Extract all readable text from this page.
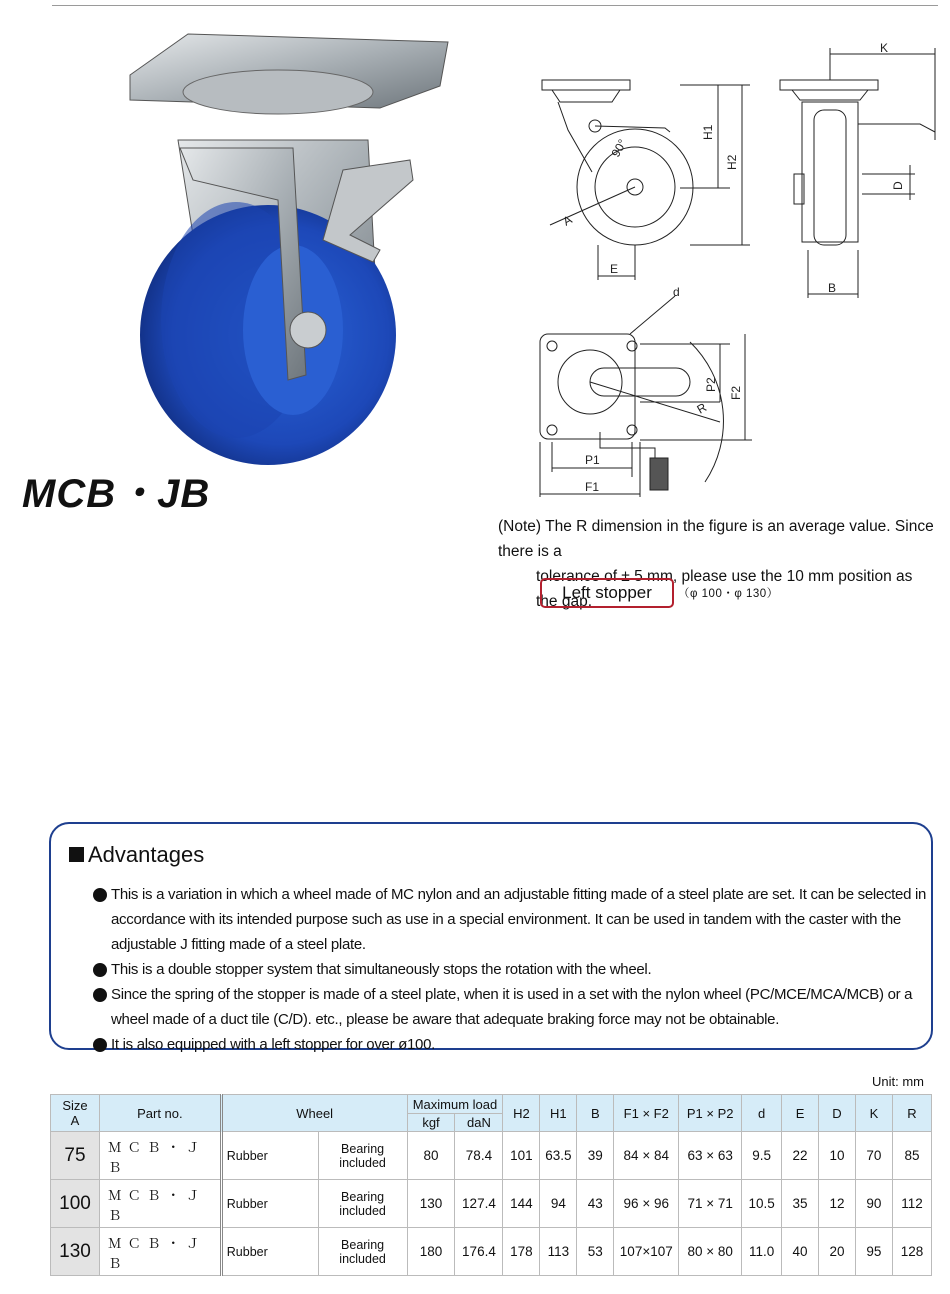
MCB・JB
H1
H2
A
E
90°
K
D
B
d
P2
F2
R
P1
F1
(Note) The R dimension in the figure is an average value. Since there is a
tolerance of ± 5 mm, please use the 10 mm position as the gap.
Left stopper	（φ 100・φ 130）
Advantages
This is a variation in which a wheel made of MC nylon and an adjustable fitting made of a steel plate are set. It can be selected in accordance with its intended purpose such as use in a special environment. It can be used in tandem with the caster with the adjustable J fitting made of a steel plate.
This is a double stopper system that simultaneously stops the rotation with the wheel.
Since the spring of the stopper is made of a steel plate, when it is used in a set with the nylon wheel (PC/MCE/MCA/MCB) or a wheel made of a duct tile (C/D). etc., please be aware that adequate braking force may not be obtainable.
It is also equipped with a left stopper for over ø100.
Unit: mm
Size
A	Part no.	Wheel		Maximum load		H2	H1	B	F1 × F2	P1 × P2	d	E	D	K	R
				kgf	daN										
75	ＭＣＢ・ＪＢ	Rubber	Bearing included	80	78.4	101	63.5	39	84 × 84	63 × 63	9.5	22	10	70	85
100	ＭＣＢ・ＪＢ	Rubber	Bearing included	130	127.4	144	94	43	96 × 96	71 × 71	10.5	35	12	90	112
130	ＭＣＢ・ＪＢ	Rubber	Bearing included	180	176.4	178	113	53	107×107	80 × 80	11.0	40	20	95	128
